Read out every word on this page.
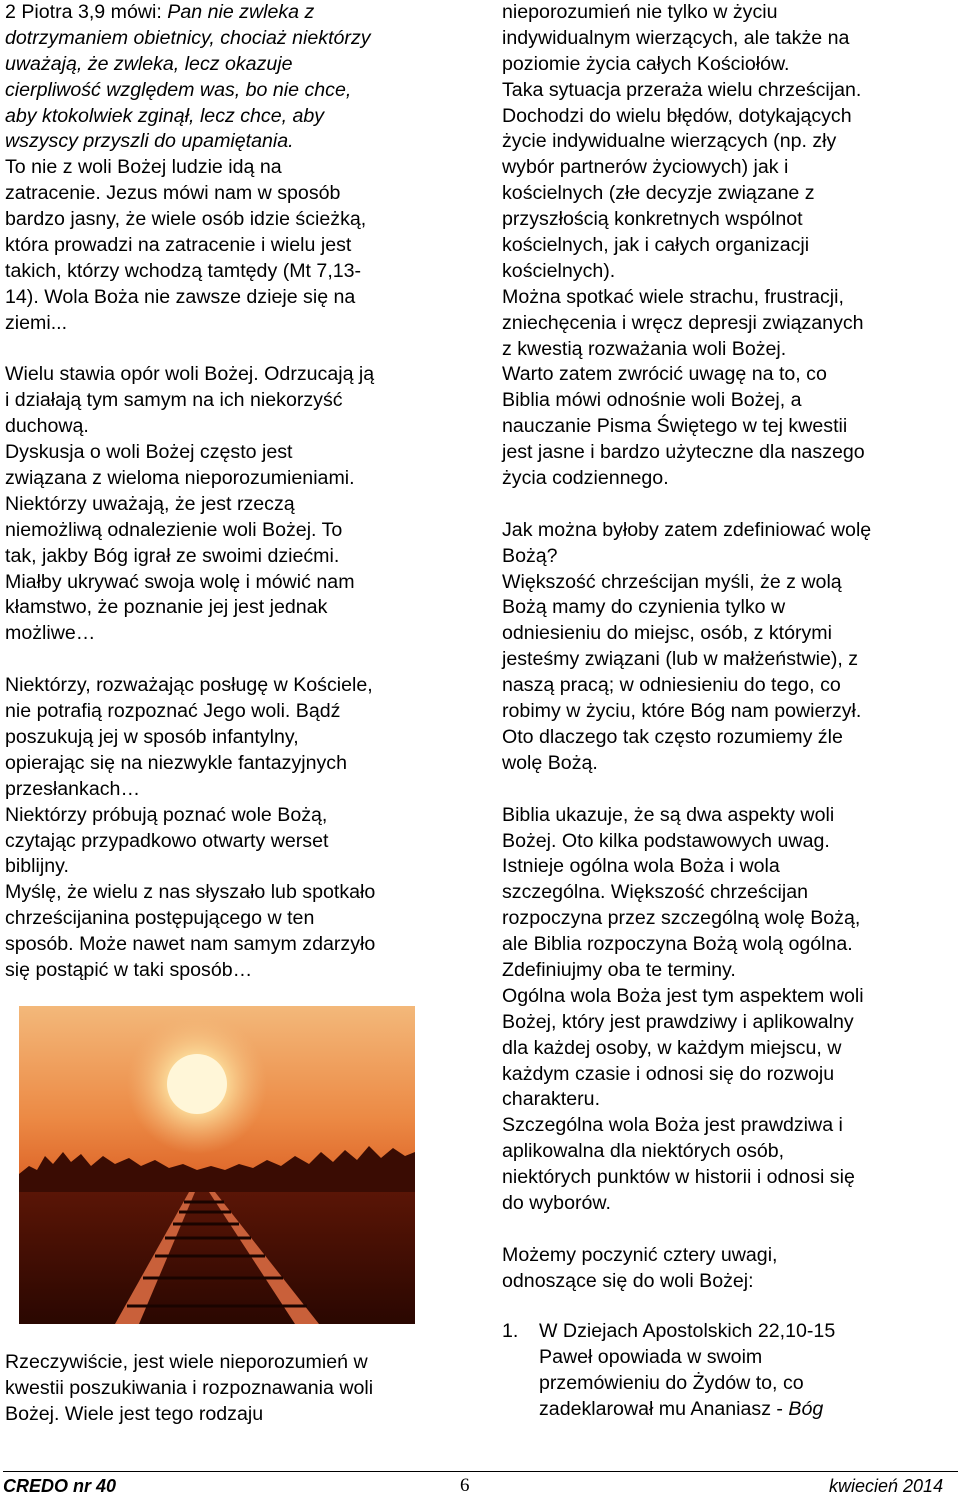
2 Piotra 3,9 mówi: Pan nie zwleka z
dotrzymaniem obietnicy, chociaż niektórzy
uważają, że zwleka, lecz okazuje
cierpliwość względem was, bo nie chce,
aby ktokolwiek zginął, lecz chce, aby
wszyscy przyszli do upamiętania.
To nie z woli Bożej ludzie idą na
zatracenie. Jezus mówi nam w sposób
bardzo jasny, że wiele osób idzie ścieżką,
która prowadzi na zatracenie i wielu jest
takich, którzy wchodzą tamtędy (Mt 7,13-
14). Wola Boża nie zawsze dzieje się na
ziemi...
Wielu stawia opór woli Bożej. Odrzucają ją
i działają tym samym na ich niekorzyść
duchową.
Dyskusja o woli Bożej często jest
związana z wieloma nieporozumieniami.
Niektórzy uważają, że jest rzeczą
niemożliwą odnalezienie woli Bożej. To
tak, jakby Bóg igrał ze swoimi dziećmi.
Miałby ukrywać swoja wolę i mówić nam
kłamstwo, że poznanie jej jest jednak
możliwe…
Niektórzy, rozważając posługę w Kościele,
nie potrafią rozpoznać Jego woli. Bądź
poszukują jej w sposób infantylny,
opierając się na niezwykle fantazyjnych
przesłankach…
Niektórzy próbują poznać wole Bożą,
czytając przypadkowo otwarty werset
biblijny.
Myślę, że wielu z nas słyszało lub spotkało
chrześcijanina postępującego w ten
sposób. Może nawet nam samym zdarzyło
się postąpić w taki sposób…
Rzeczywiście, jest wiele nieporozumień w
kwestii poszukiwania i rozpoznawania woli
Bożej. Wiele jest tego rodzaju
nieporozumień nie tylko w życiu
indywidualnym wierzących, ale także na
poziomie życia całych Kościołów.
Taka sytuacja przeraża wielu chrześcijan.
Dochodzi do wielu błędów, dotykających
życie indywidualne wierzących (np. zły
wybór partnerów życiowych) jak i
kościelnych (złe decyzje związane z
przyszłością konkretnych wspólnot
kościelnych, jak i całych organizacji
kościelnych).
Można spotkać wiele strachu, frustracji,
zniechęcenia i wręcz depresji związanych
z kwestią rozważania woli Bożej.
Warto zatem zwrócić uwagę na to, co
Biblia mówi odnośnie woli Bożej, a
nauczanie Pisma Świętego w tej kwestii
jest jasne i bardzo użyteczne dla naszego
życia codziennego.
Jak można byłoby zatem zdefiniować wolę
Bożą?
Większość chrześcijan myśli, że z wolą
Bożą mamy do czynienia tylko w
odniesieniu do miejsc, osób, z którymi
jesteśmy związani (lub w małżeństwie), z
naszą pracą; w odniesieniu do tego, co
robimy w życiu, które Bóg nam powierzył.
Oto dlaczego tak często rozumiemy źle
wolę Bożą.
Biblia ukazuje, że są dwa aspekty woli
Bożej. Oto kilka podstawowych uwag.
Istnieje ogólna wola Boża i wola
szczególna. Większość chrześcijan
rozpoczyna przez szczególną wolę Bożą,
ale Biblia rozpoczyna Bożą wolą ogólna.
Zdefiniujmy oba te terminy.
Ogólna wola Boża jest tym aspektem woli
Bożej, który jest prawdziwy i aplikowalny
dla każdej osoby, w każdym miejscu, w
każdym czasie i odnosi się do rozwoju
charakteru.
Szczególna wola Boża jest prawdziwa i
aplikowalna dla niektórych osób,
niektórych punktów w historii i odnosi się
do wyborów.
Możemy poczynić cztery uwagi,
odnoszące się do woli Bożej:
1. W Dziejach Apostolskich 22,10-15
Paweł opowiada w swoim
przemówieniu do Żydów to, co
zadeklarował mu Ananiasz - Bóg
CREDO nr 40	6	kwiecień 2014
